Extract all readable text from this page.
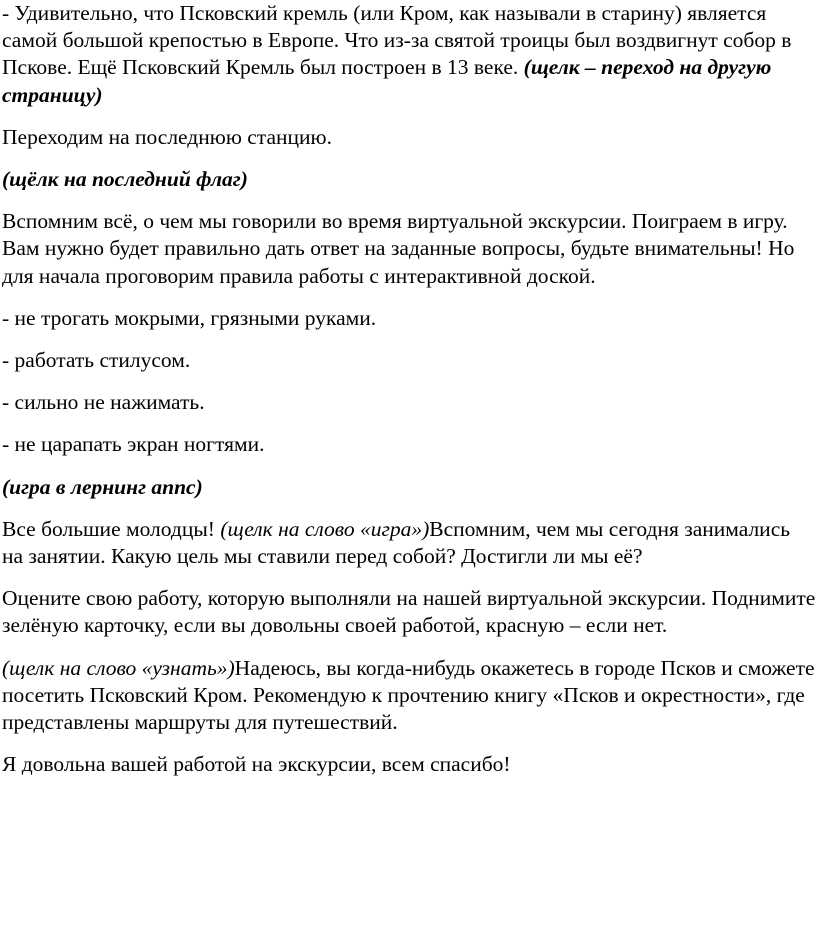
- Удивительно, что Псковский кремль (или Кром, как называли в старину) является самой большой крепостью в Европе. Что из-за святой троицы был воздвигнут собор в Пскове. Ещё Псковский Кремль был построен в 13 веке. (щелк – переход на другую страницу)

Переходим на последнюю станцию.

(щёлк на последний флаг)

Вспомним всё, о чем мы говорили во время виртуальной экскурсии. Поиграем в игру. Вам нужно будет правильно дать ответ на заданные вопросы, будьте внимательны! Но для начала проговорим правила работы с интерактивной доской.

- не трогать мокрыми, грязными руками.

- работать стилусом.

- сильно не нажимать.

- не царапать экран ногтями.

(игра в лернинг аппс)

Все большие молодцы! (щелк на слово «игра»)Вспомним, чем мы сегодня занимались на занятии. Какую цель мы ставили перед собой? Достигли ли мы её?

Оцените свою работу, которую выполняли на нашей виртуальной экскурсии. Поднимите зелёную карточку, если вы довольны своей работой, красную – если нет.

(щелк на слово «узнать»)Надеюсь, вы когда-нибудь окажетесь в городе Псков и сможете посетить Псковский Кром. Рекомендую к прочтению книгу «Псков и окрестности», где представлены маршруты для путешествий.

Я довольна вашей работой на экскурсии, всем спасибо!
